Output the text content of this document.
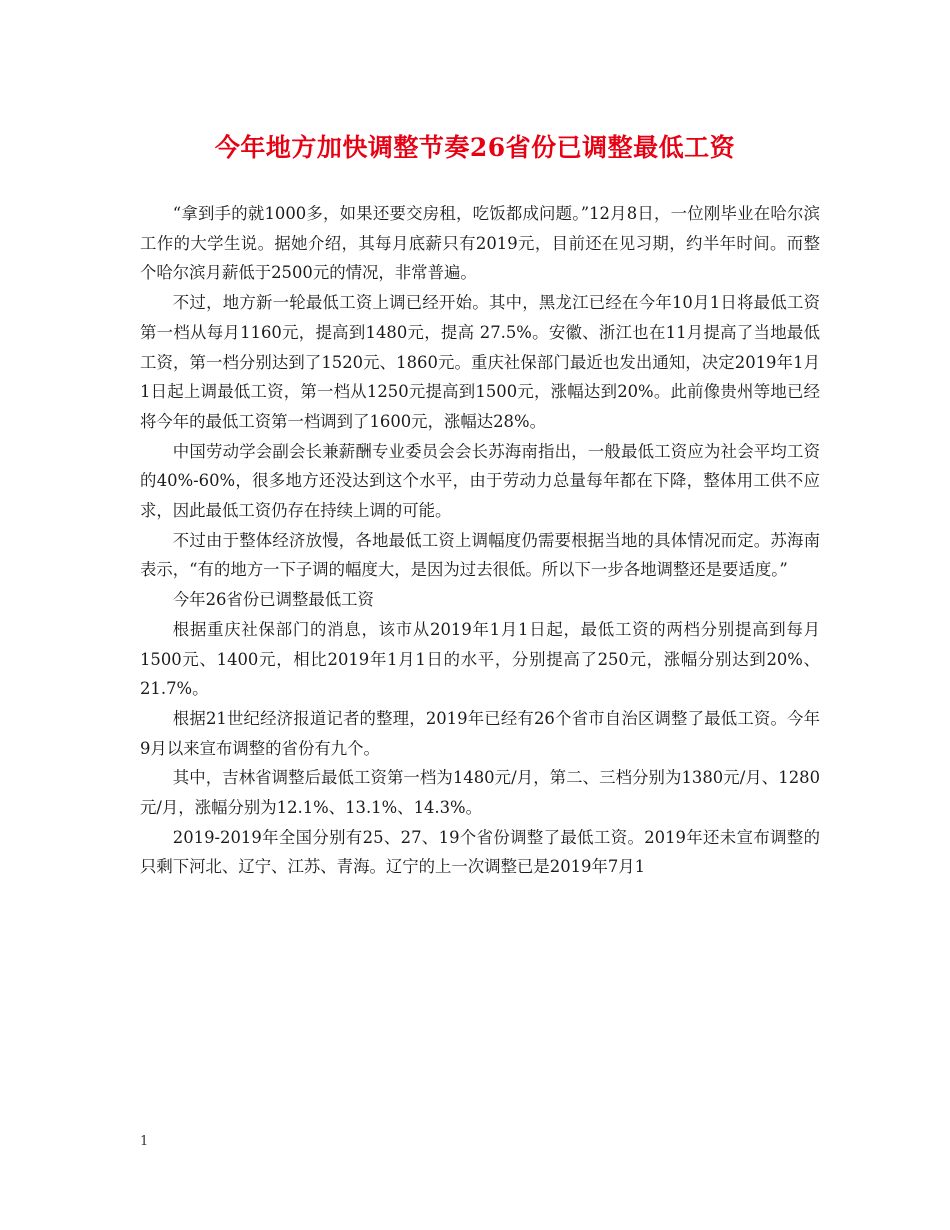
今年地方加快调整节奏26省份已调整最低工资

“拿到手的就1000多，如果还要交房租，吃饭都成问题。”12月8日，一位刚毕业在哈尔滨工作的大学生说。据她介绍，其每月底薪只有2019元，目前还在见习期，约半年时间。而整个哈尔滨月薪低于2500元的情况，非常普遍。

不过，地方新一轮最低工资上调已经开始。其中，黑龙江已经在今年10月1日将最低工资第一档从每月1160元，提高到1480元，提高 27.5%。安徽、浙江也在11月提高了当地最低工资，第一档分别达到了1520元、1860元。重庆社保部门最近也发出通知，决定2019年1月1日起上调最低工资，第一档从1250元提高到1500元，涨幅达到20%。此前像贵州等地已经将今年的最低工资第一档调到了1600元，涨幅达28%。

中国劳动学会副会长兼薪酬专业委员会会长苏海南指出，一般最低工资应为社会平均工资的40%-60%，很多地方还没达到这个水平，由于劳动力总量每年都在下降，整体用工供不应求，因此最低工资仍存在持续上调的可能。

不过由于整体经济放慢，各地最低工资上调幅度仍需要根据当地的具体情况而定。苏海南表示，“有的地方一下子调的幅度大，是因为过去很低。所以下一步各地调整还是要适度。”

今年26省份已调整最低工资

根据重庆社保部门的消息，该市从2019年1月1日起，最低工资的两档分别提高到每月1500元、1400元，相比2019年1月1日的水平，分别提高了250元，涨幅分别达到20%、21.7%。

根据21世纪经济报道记者的整理，2019年已经有26个省市自治区调整了最低工资。今年9月以来宣布调整的省份有九个。

其中，吉林省调整后最低工资第一档为1480元/月，第二、三档分别为1380元/月、1280元/月，涨幅分别为12.1%、13.1%、14.3%。

2019-2019年全国分别有25、27、19个省份调整了最低工资。2019年还未宣布调整的只剩下河北、辽宁、江苏、青海。辽宁的上一次调整已是2019年7月1

1
